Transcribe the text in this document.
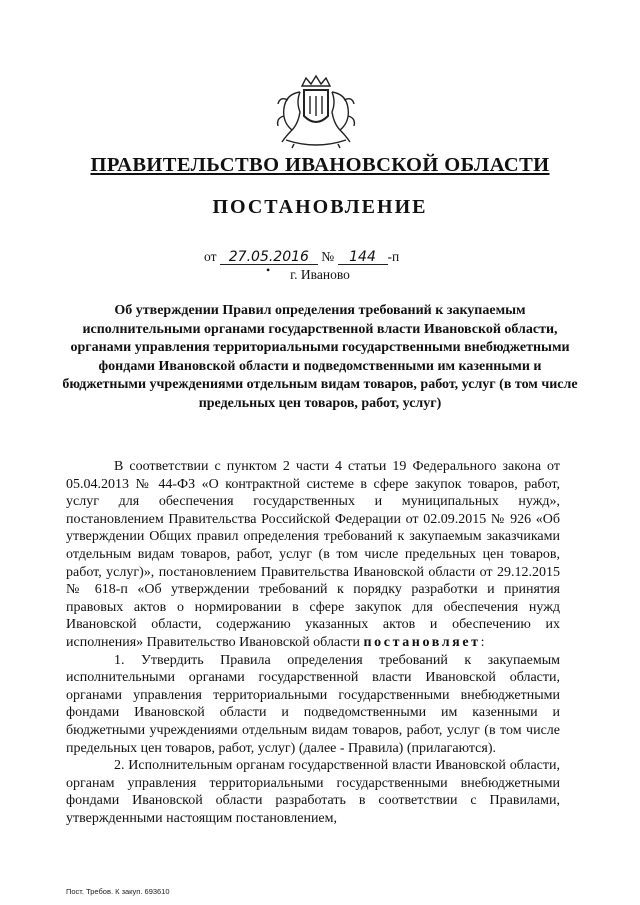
ПРАВИТЕЛЬСТВО ИВАНОВСКОЙ ОБЛАСТИ
ПОСТАНОВЛЕНИЕ
от 27.05.2016 № 144 -п
• г. Иваново
Об утверждении Правил определения требований к закупаемым исполнительными органами государственной власти Ивановской области, органами управления территориальными государственными внебюджетными фондами Ивановской области и подведомственными им казенными и бюджетными учреждениями отдельным видам товаров, работ, услуг (в том числе предельных цен товаров, работ, услуг)

В соответствии с пунктом 2 части 4 статьи 19 Федерального закона от 05.04.2013 № 44-ФЗ «О контрактной системе в сфере закупок товаров, работ, услуг для обеспечения государственных и муниципальных нужд», постановлением Правительства Российской Федерации от 02.09.2015 № 926 «Об утверждении Общих правил определения требований к закупаемым заказчиками отдельным видам товаров, работ, услуг (в том числе предельных цен товаров, работ, услуг)», постановлением Правительства Ивановской области от 29.12.2015 № 618-п «Об утверждении требований к порядку разработки и принятия правовых актов о нормировании в сфере закупок для обеспечения нужд Ивановской области, содержанию указанных актов и обеспечению их исполнения» Правительство Ивановской области постановляет:

1. Утвердить Правила определения требований к закупаемым исполнительными органами государственной власти Ивановской области, органами управления территориальными государственными внебюджетными фондами Ивановской области и подведомственными им казенными и бюджетными учреждениями отдельным видам товаров, работ, услуг (в том числе предельных цен товаров, работ, услуг) (далее - Правила) (прилагаются).

2. Исполнительным органам государственной власти Ивановской области, органам управления территориальными государственными внебюджетными фондами Ивановской области разработать в соответствии с Правилами, утвержденными настоящим постановлением,

Пост. Требов. К закуп. 693610
